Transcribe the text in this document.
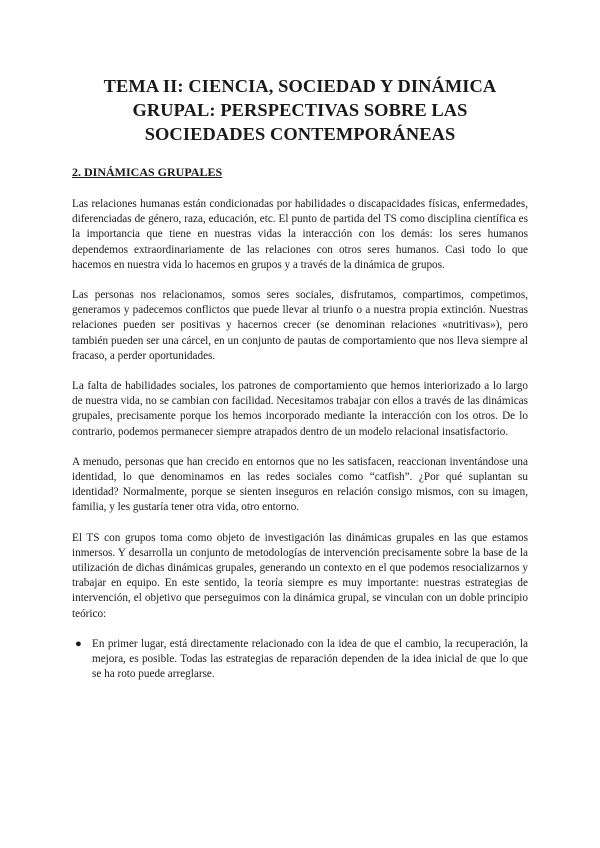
TEMA II: CIENCIA, SOCIEDAD Y DINÁMICA
GRUPAL: PERSPECTIVAS SOBRE LAS
SOCIEDADES CONTEMPORÁNEAS
2. DINÁMICAS GRUPALES

Las relaciones humanas están condicionadas por habilidades o discapacidades físicas, enfermedades, diferenciadas de género, raza, educación, etc. El punto de partida del TS como disciplina científica es la importancia que tiene en nuestras vidas la interacción con los demás: los seres humanos dependemos extraordinariamente de las relaciones con otros seres humanos. Casi todo lo que hacemos en nuestra vida lo hacemos en grupos y a través de la dinámica de grupos.

Las personas nos relacionamos, somos seres sociales, disfrutamos, compartimos, competimos, generamos y padecemos conflictos que puede llevar al triunfo o a nuestra propia extinción. Nuestras relaciones pueden ser positivas y hacernos crecer (se denominan relaciones «nutritivas»), pero también pueden ser una cárcel, en un conjunto de pautas de comportamiento que nos lleva siempre al fracaso, a perder oportunidades.

La falta de habilidades sociales, los patrones de comportamiento que hemos interiorizado a lo largo de nuestra vida, no se cambian con facilidad. Necesitamos trabajar con ellos a través de las dinámicas grupales, precisamente porque los hemos incorporado mediante la interacción con los otros. De lo contrario, podemos permanecer siempre atrapados dentro de un modelo relacional insatisfactorio.

A menudo, personas que han crecido en entornos que no les satisfacen, reaccionan inventándose una identidad, lo que denominamos en las redes sociales como “catfish”. ¿Por qué suplantan su identidad? Normalmente, porque se sienten inseguros en relación consigo mismos, con su imagen, familia, y les gustaría tener otra vida, otro entorno.

El TS con grupos toma como objeto de investigación las dinámicas grupales en las que estamos inmersos. Y desarrolla un conjunto de metodologías de intervención precisamente sobre la base de la utilización de dichas dinámicas grupales, generando un contexto en el que podemos resocializarnos y trabajar en equipo. En este sentido, la teoría siempre es muy importante: nuestras estrategias de intervención, el objetivo que perseguimos con la dinámica grupal, se vinculan con un doble principio teórico:

● En primer lugar, está directamente relacionado con la idea de que el cambio, la recuperación, la mejora, es posible. Todas las estrategias de reparación dependen de la idea inicial de que lo que se ha roto puede arreglarse.
